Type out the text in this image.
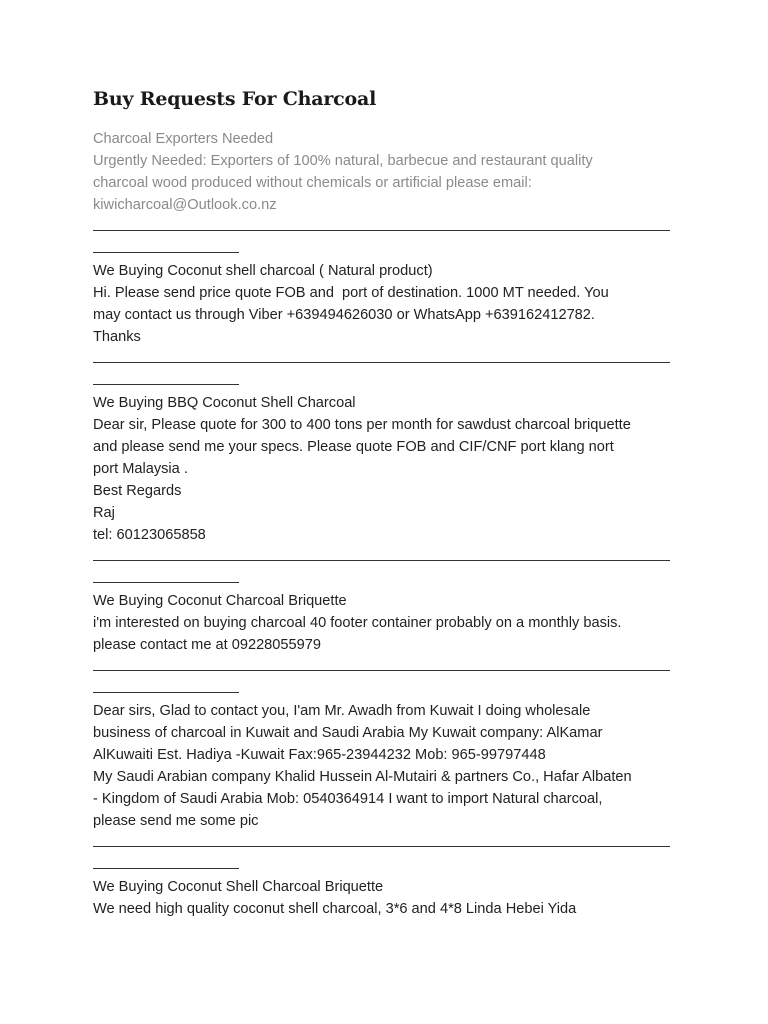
Buy Requests For Charcoal
Charcoal Exporters Needed
Urgently Needed: Exporters of 100% natural, barbecue and restaurant quality
charcoal wood produced without chemicals or artificial please email:
kiwicharcoal@Outlook.co.nz
We Buying Coconut shell charcoal ( Natural product)
Hi. Please send price quote FOB and  port of destination. 1000 MT needed. You
may contact us through Viber +639494626030 or WhatsApp +639162412782.
Thanks
We Buying BBQ Coconut Shell Charcoal
Dear sir, Please quote for 300 to 400 tons per month for sawdust charcoal briquette
and please send me your specs. Please quote FOB and CIF/CNF port klang nort
port Malaysia .
Best Regards
Raj
tel: 60123065858
We Buying Coconut Charcoal Briquette
i'm interested on buying charcoal 40 footer container probably on a monthly basis.
please contact me at 09228055979
Dear sirs, Glad to contact you, I'am Mr. Awadh from Kuwait I doing wholesale
business of charcoal in Kuwait and Saudi Arabia My Kuwait company: AlKamar
AlKuwaiti Est. Hadiya -Kuwait Fax:965-23944232 Mob: 965-99797448
My Saudi Arabian company Khalid Hussein Al-Mutairi & partners Co., Hafar Albaten
- Kingdom of Saudi Arabia Mob: 0540364914 I want to import Natural charcoal,
please send me some pic
We Buying Coconut Shell Charcoal Briquette
We need high quality coconut shell charcoal, 3*6 and 4*8 Linda Hebei Yida
